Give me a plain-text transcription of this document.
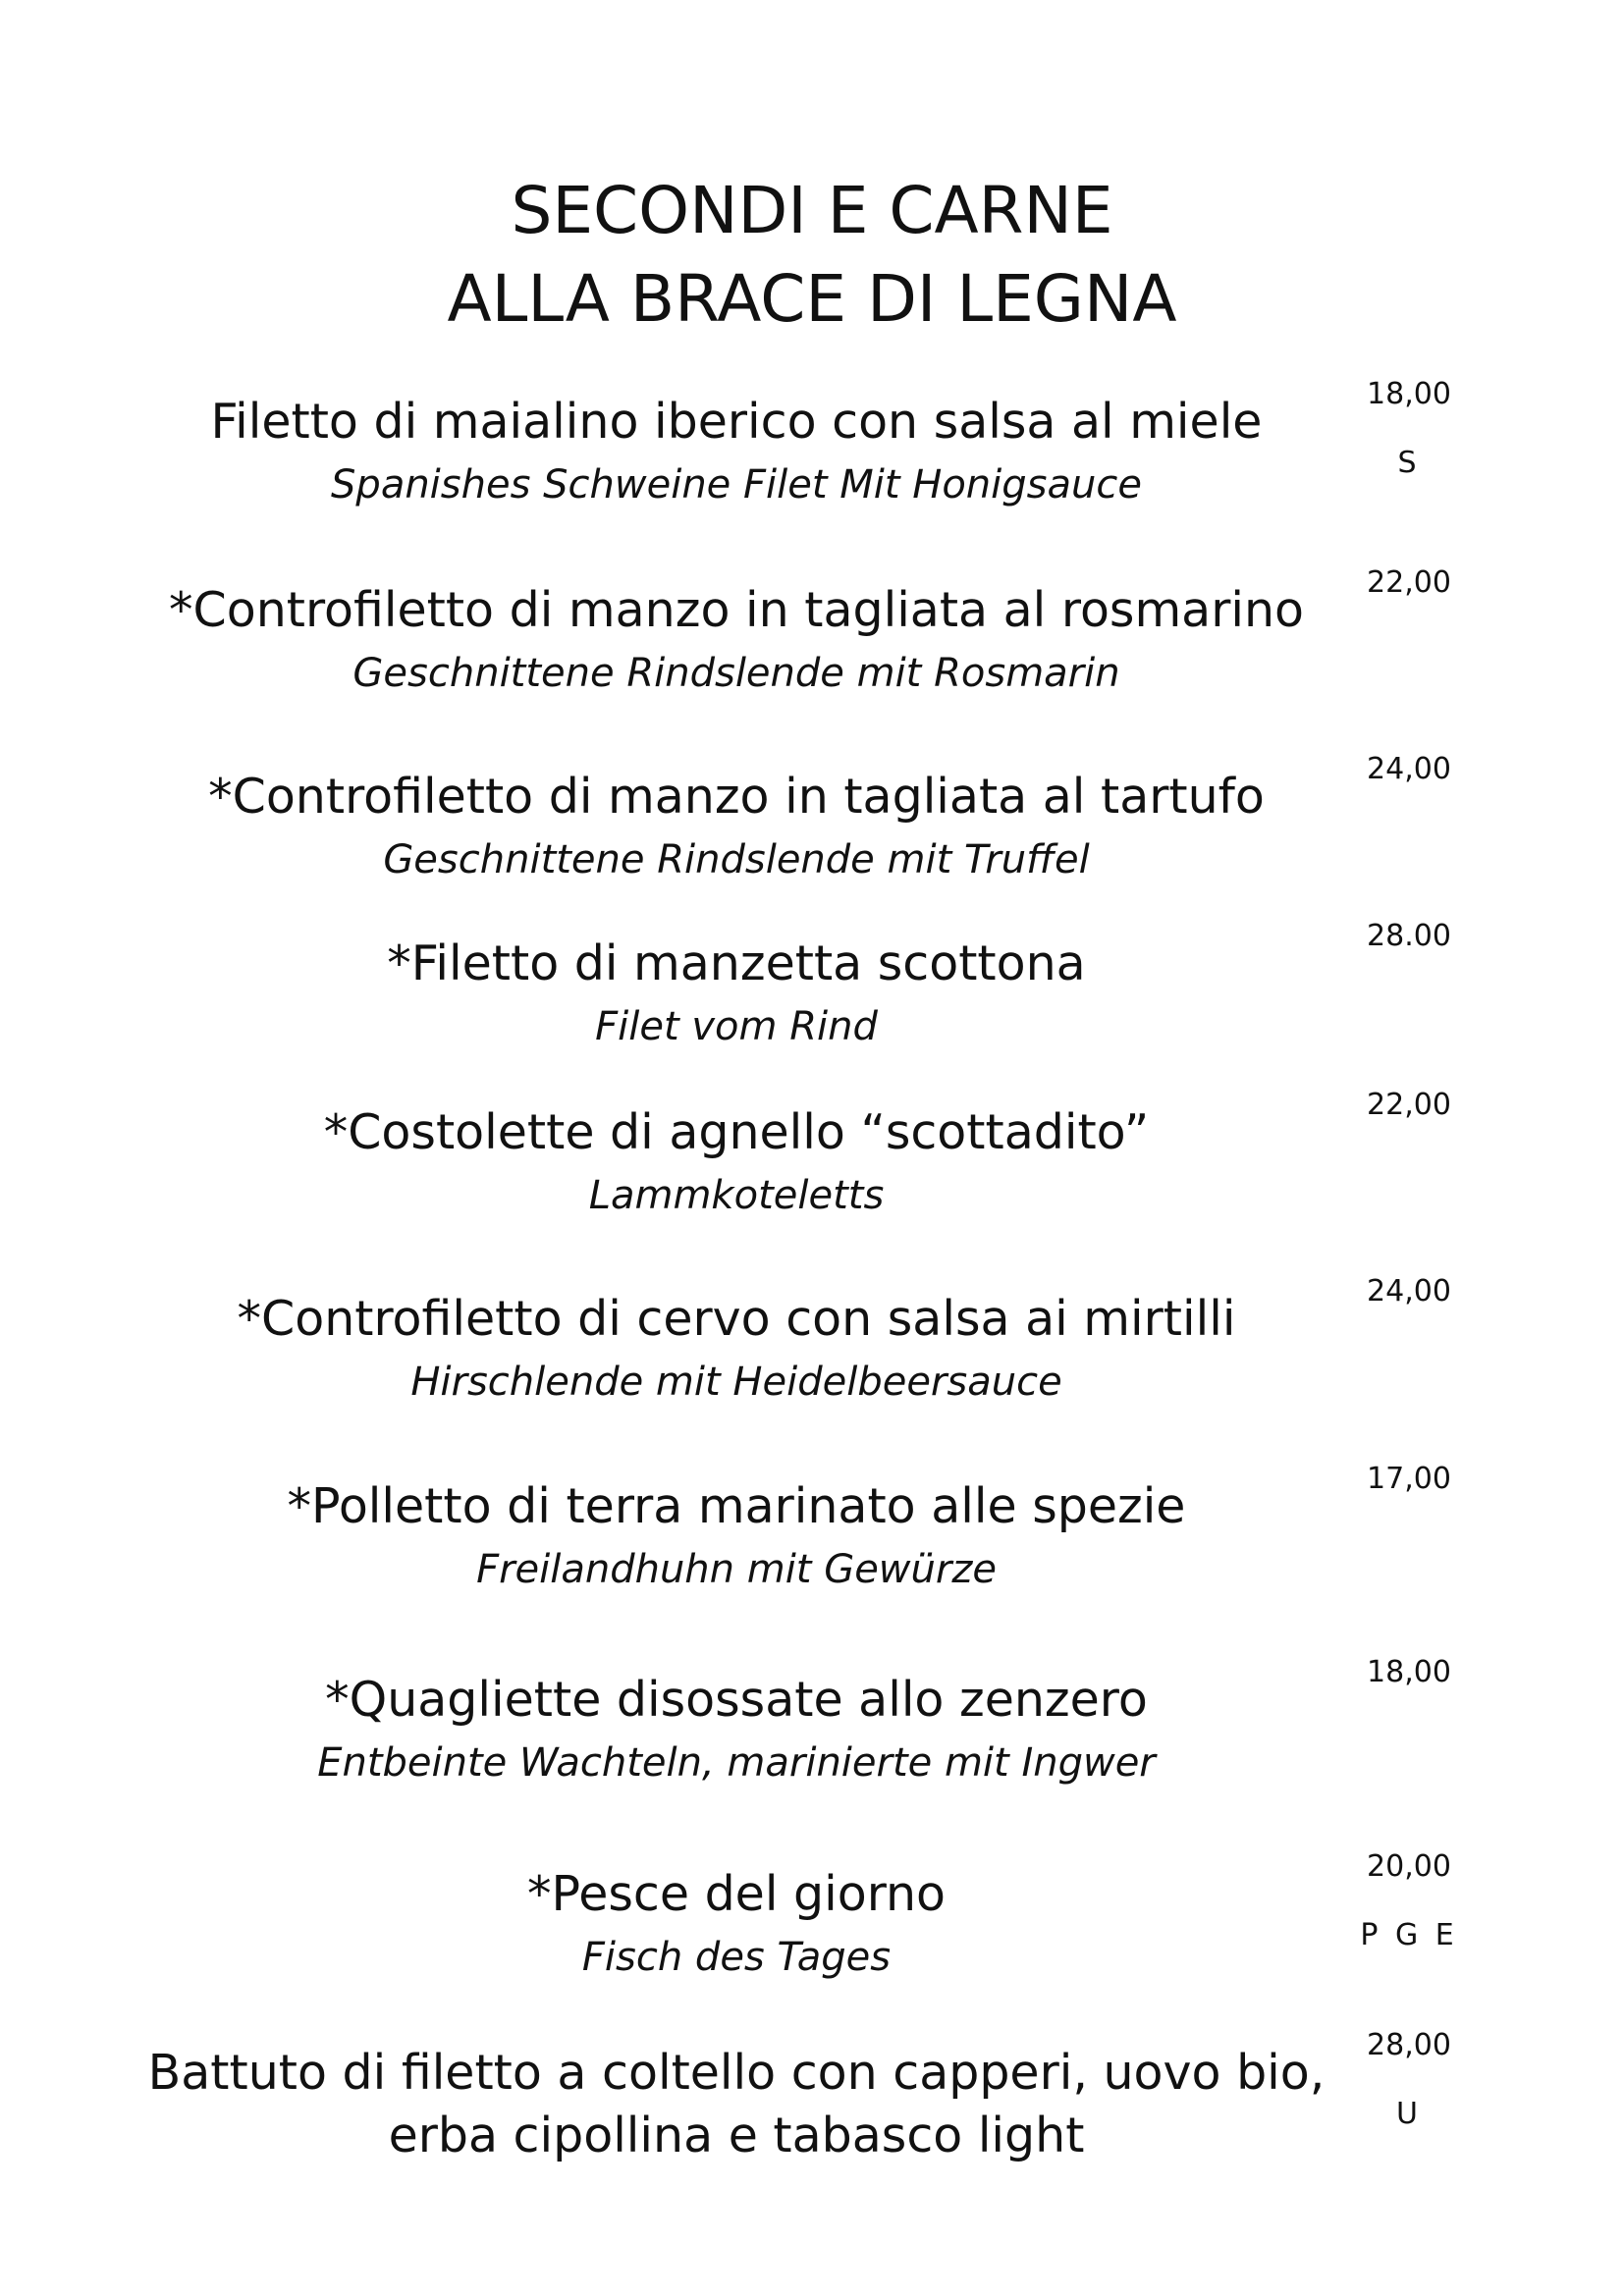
SECONDI E CARNE
ALLA BRACE DI LEGNA
Filetto di maialino iberico con salsa al miele
Spanishes Schweine Filet Mit Honigsauce
18,00
S
*Controfiletto di manzo in tagliata al rosmarino
Geschnittene Rindslende mit Rosmarin
22,00
*Controfiletto di manzo in tagliata al tartufo
Geschnittene Rindslende mit Truffel
24,00
*Filetto di manzetta scottona
Filet vom Rind
28.00
*Costolette di agnello “scottadito”
Lammkoteletts
22,00
*Controfiletto di cervo con salsa ai mirtilli
Hirschlende mit Heidelbeersauce
24,00
*Polletto di terra marinato alle spezie
Freilandhuhn mit Gewürze
17,00
*Quagliette disossate allo zenzero
Entbeinte Wachteln, marinierte mit Ingwer
18,00
*Pesce del giorno
Fisch des Tages
20,00
P G E
Battuto di filetto a coltello con capperi, uovo bio,
erba cipollina e tabasco light
28,00
U
